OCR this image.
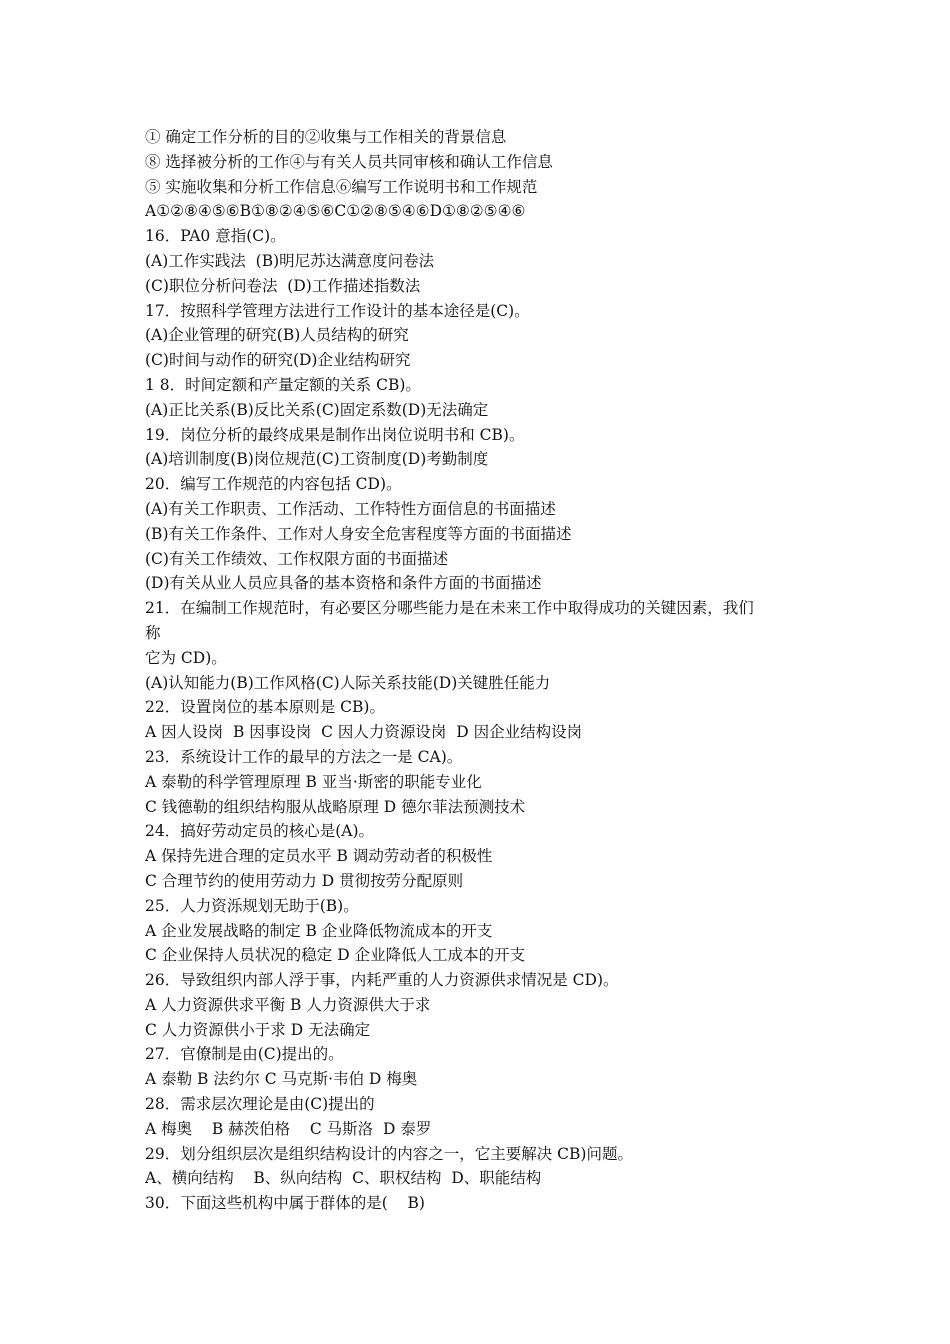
① 确定工作分析的目的②收集与工作相关的背景信息
⑧ 选择被分析的工作④与有关人员共同审核和确认工作信息
⑤ 实施收集和分析工作信息⑥编写工作说明书和工作规范
A①②⑧④⑤⑥B①⑧②④⑤⑥C①②⑧⑤④⑥D①⑧②⑤④⑥
16．PA0 意指(C)。
(A)工作实践法  (B)明尼苏达满意度问卷法
(C)职位分析问卷法  (D)工作描述指数法
17．按照科学管理方法进行工作设计的基本途径是(C)。
(A)企业管理的研究(B)人员结构的研究
(C)时间与动作的研究(D)企业结构研究
1 8．时间定额和产量定额的关系 CB)。
(A)正比关系(B)反比关系(C)固定系数(D)无法确定
19．岗位分析的最终成果是制作出岗位说明书和 CB)。
(A)培训制度(B)岗位规范(C)工资制度(D)考勤制度
20．编写工作规范的内容包括 CD)。
(A)有关工作职责、工作活动、工作特性方面信息的书面描述
(B)有关工作条件、工作对人身安全危害程度等方面的书面描述
(C)有关工作绩效、工作权限方面的书面描述
(D)有关从业人员应具备的基本资格和条件方面的书面描述
21．在编制工作规范时，有必要区分哪些能力是在未来工作中取得成功的关键因素，我们
称
它为 CD)。
(A)认知能力(B)工作风格(C)人际关系技能(D)关键胜任能力
22．设置岗位的基本原则是 CB)。
A 因人设岗  B 因事设岗  C 因人力资源设岗  D 因企业结构设岗
23．系统设计工作的最早的方法之一是 CA)。
A 泰勒的科学管理原理 B 亚当·斯密的职能专业化
C 钱德勒的组织结构服从战略原理 D 德尔菲法预测技术
24．搞好劳动定员的核心是(A)。
A 保持先进合理的定员水平 B 调动劳动者的积极性
C 合理节约的使用劳动力 D 贯彻按劳分配原则
25．人力资泺规划无助于(B)。
A 企业发展战略的制定 B 企业降低物流成本的开支
C 企业保持人员状况的稳定 D 企业降低人工成本的开支
26．导致组织内部人浮于事，内耗严重的人力资源供求情况是 CD)。
A 人力资源供求平衡 B 人力资源供大于求
C 人力资源供小于求 D 无法确定
27．官僚制是由(C)提出的。
A 泰勒 B 法约尔 C 马克斯·韦伯 D 梅奥
28．需求层次理论是由(C)提出的
A 梅奥    B 赫茨伯格    C 马斯洛  D 泰罗
29．划分组织层次是组织结构设计的内容之一，它主要解决 CB)问题。
A、横向结构    B、纵向结构  C、职权结构  D、职能结构
30．下面这些机构中属于群体的是(    B)
